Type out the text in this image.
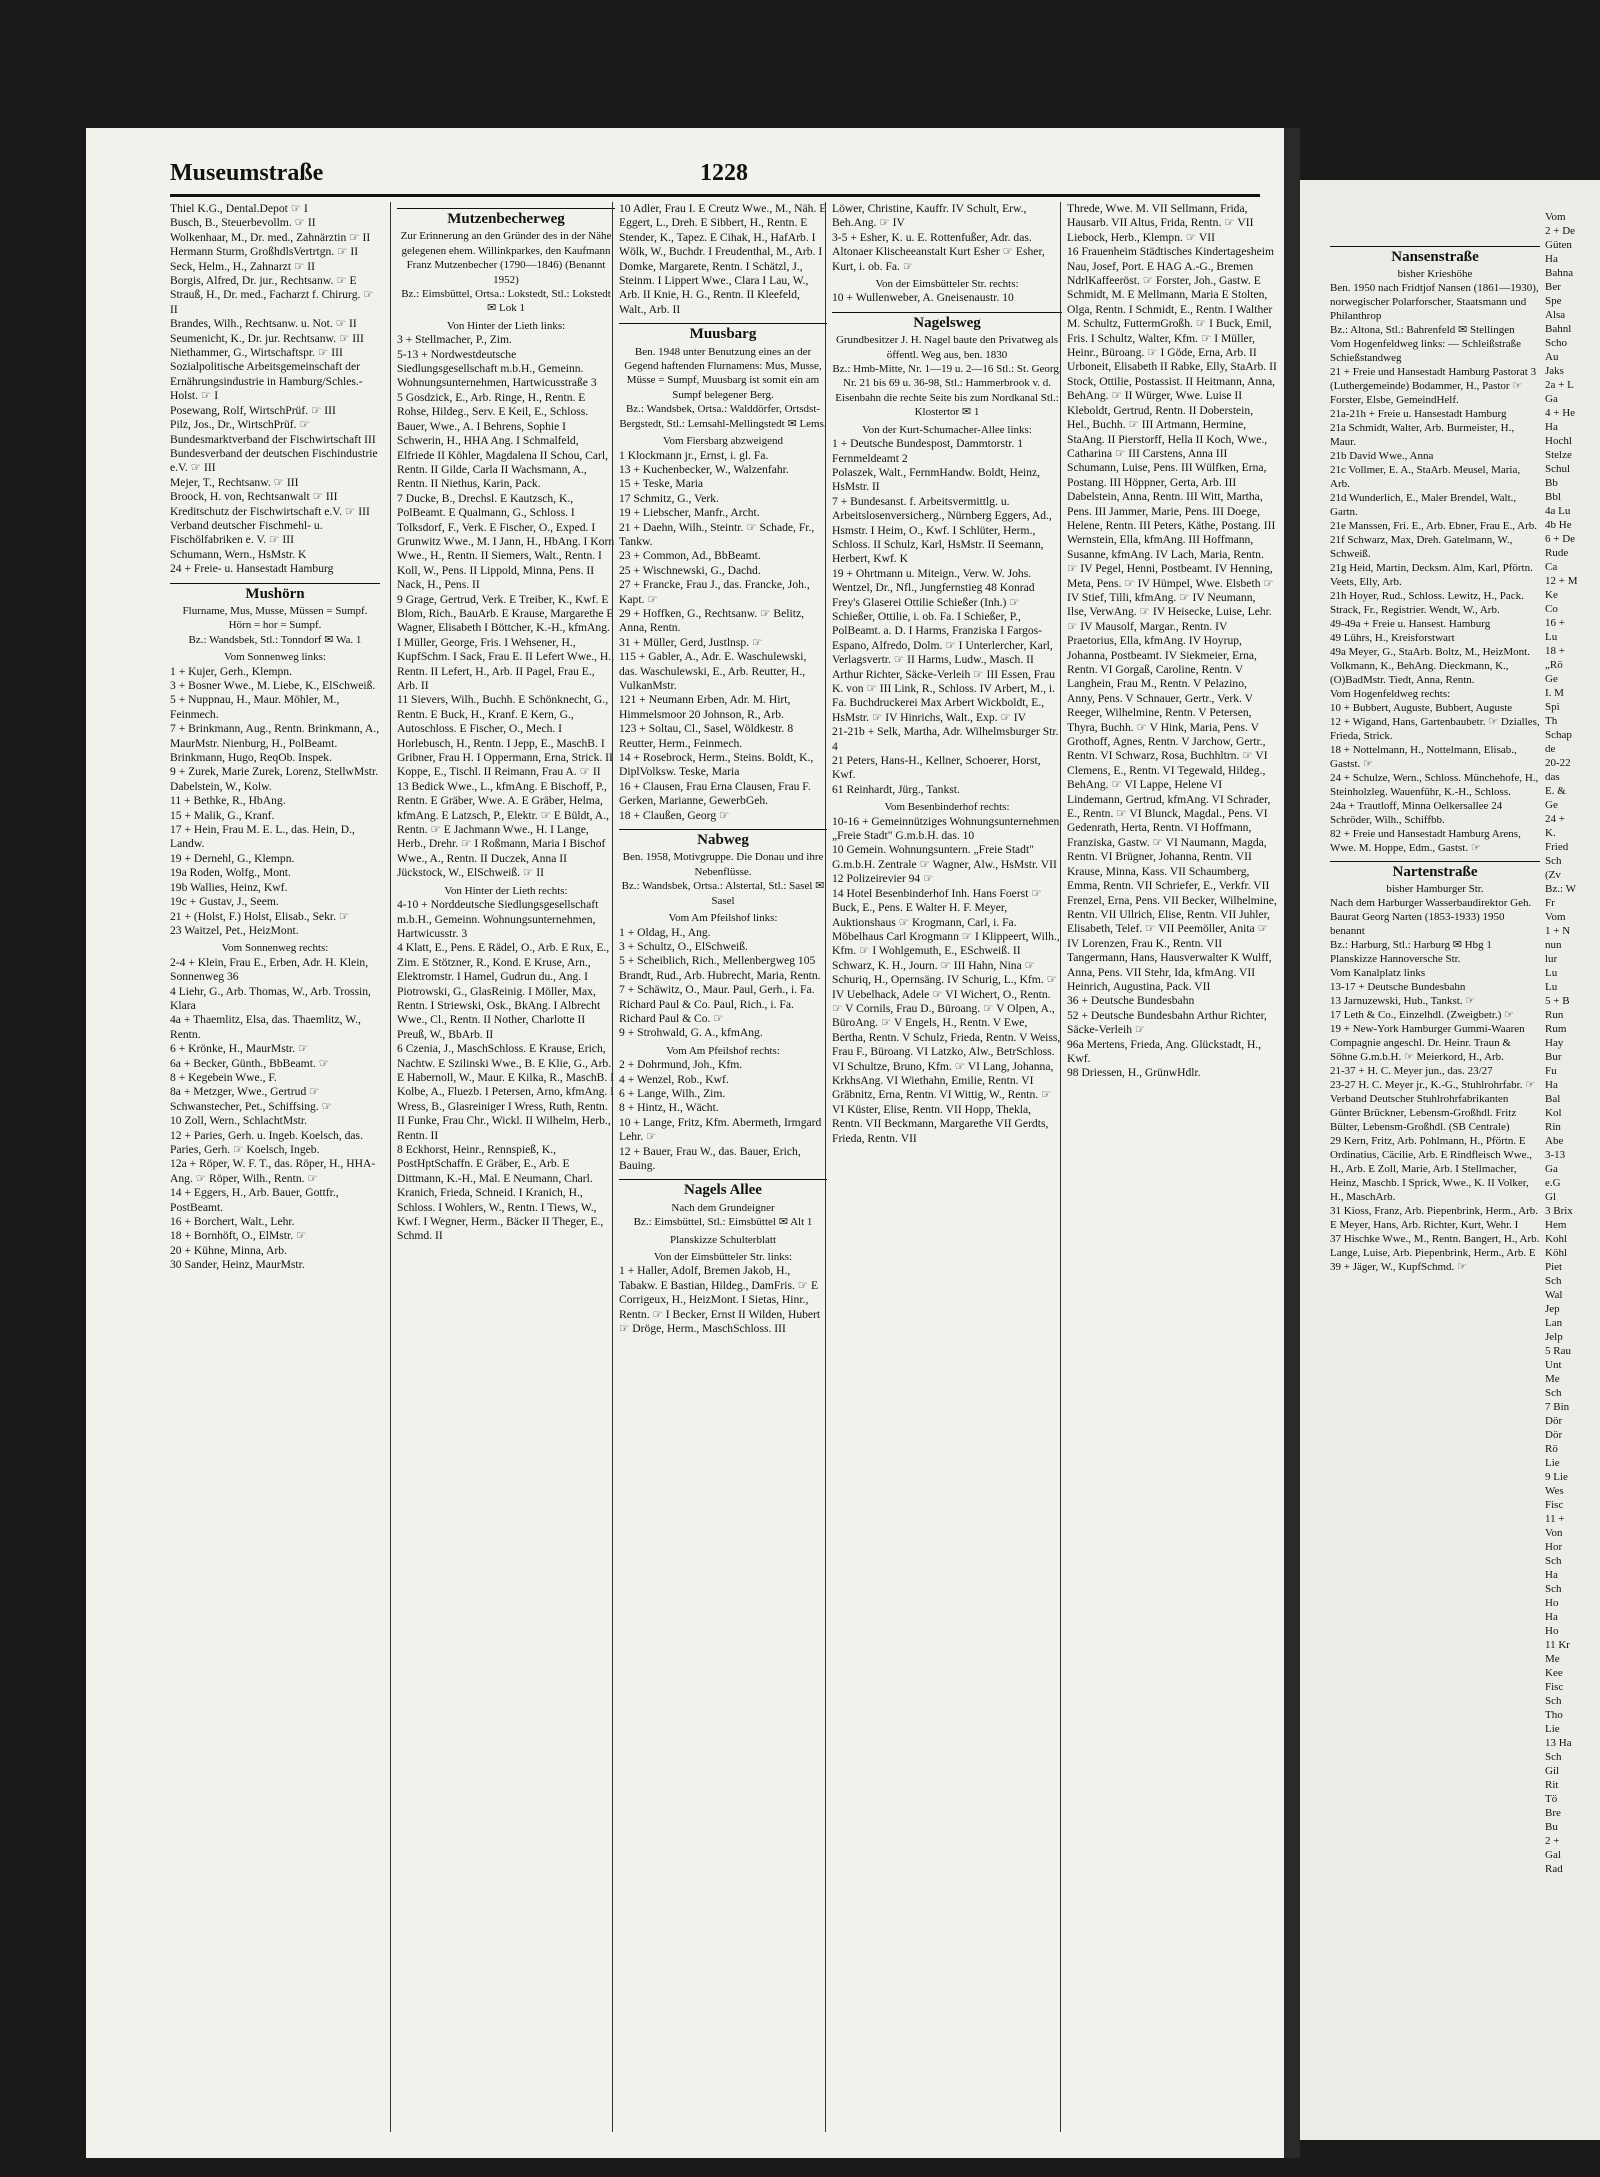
Museumstraße	1228

Thiel K.G., Dental.Depot ☞ I

Busch, B., Steuerbevollm. ☞ II

Wolkenhaar, M., Dr. med., Zahnärztin ☞ II

Hermann Sturm, GroßhdlsVertrtgn. ☞ II

Seck, Helm., H., Zahnarzt ☞ II

Borgis, Alfred, Dr. jur., Rechtsanw. ☞ E

Strauß, H., Dr. med., Facharzt f. Chirurg. ☞ II

Brandes, Wilh., Rechtsanw. u. Not. ☞ II

Seumenicht, K., Dr. jur. Rechtsanw. ☞ III

Niethammer, G., Wirtschaftspr. ☞ III

Sozialpolitische Arbeitsgemeinschaft der Ernährungsindustrie in Hamburg/Schles.-Holst. ☞ I

Posewang, Rolf, WirtschPrüf. ☞ III

Pilz, Jos., Dr., WirtschPrüf. ☞

Bundesmarktverband der Fischwirtschaft III

Bundesverband der deutschen Fischindustrie e.V. ☞ III

Mejer, T., Rechtsanw. ☞ III

Broock, H. von, Rechtsanwalt ☞ III

Kreditschutz der Fischwirtschaft e.V. ☞ III

Verband deutscher Fischmehl- u. Fischölfabriken e. V. ☞ III

Schumann, Wern., HsMstr. K

24 + Freie- u. Hansestadt Hamburg

Mushörn

Flurname, Mus, Musse, Müssen = Sumpf. Hörn = hor = Sumpf.

Bz.: Wandsbek, Stl.: Tonndorf ✉ Wa. 1

Vom Sonnenweg links:

1 + Kujer, Gerh., Klempn.

3 + Bosner Wwe., M. Liebe, K., ElSchweiß.

5 + Nuppnau, H., Maur. Möhler, M., Feinmech.

7 + Brinkmann, Aug., Rentn. Brinkmann, A., MaurMstr. Nienburg, H., PolBeamt. Brinkmann, Hugo, ReqOb. Inspek.

9 + Zurek, Marie Zurek, Lorenz, StellwMstr. Dabelstein, W., Kolw.

11 + Bethke, R., HbAng.

15 + Malik, G., Kranf.

17 + Hein, Frau M. E. L., das. Hein, D., Landw.

19 + Dernehl, G., Klempn.

19a Roden, Wolfg., Mont.

19b Wallies, Heinz, Kwf.

19c + Gustav, J., Seem.

21 + (Holst, F.) Holst, Elisab., Sekr. ☞

23 Waitzel, Pet., HeizMont.

Vom Sonnenweg rechts:

2-4 + Klein, Frau E., Erben, Adr. H. Klein, Sonnenweg 36

4 Liehr, G., Arb. Thomas, W., Arb. Trossin, Klara

4a + Thaemlitz, Elsa, das. Thaemlitz, W., Rentn.

6 + Krönke, H., MaurMstr. ☞

6a + Becker, Günth., BbBeamt. ☞

8 + Kegebein Wwe., F.

8a + Metzger, Wwe., Gertrud ☞ Schwanstecher, Pet., Schiffsing. ☞

10 Zoll, Wern., SchlachtMstr.

12 + Paries, Gerh. u. Ingeb. Koelsch, das. Paries, Gerh. ☞ Koelsch, Ingeb.

12a + Röper, W. F. T., das. Röper, H., HHA-Ang. ☞ Röper, Wilh., Rentn. ☞

14 + Eggers, H., Arb. Bauer, Gottfr., PostBeamt.

16 + Borchert, Walt., Lehr.

18 + Bornhöft, O., ElMstr. ☞

20 + Kühne, Minna, Arb.

30 Sander, Heinz, MaurMstr.

Mutzenbecherweg

Zur Erinnerung an den Gründer des in der Nähe gelegenen ehem. Willinkparkes, den Kaufmann Franz Mutzenbecher (1790—1846) (Benannt 1952)

Bz.: Eimsbüttel, Ortsa.: Lokstedt, Stl.: Lokstedt ✉ Lok 1

Von Hinter der Lieth links:

3 + Stellmacher, P., Zim.

5-13 + Nordwestdeutsche Siedlungsgesellschaft m.b.H., Gemeinn. Wohnungsunternehmen, Hartwicusstraße 3

5 Gosdzick, E., Arb. Ringe, H., Rentn. E Rohse, Hildeg., Serv. E Keil, E., Schloss. Bauer, Wwe., A. I Behrens, Sophie I Schwerin, H., HHA Ang. I Schmalfeld, Elfriede II Köhler, Magdalena II Schou, Carl, Rentn. II Gilde, Carla II Wachsmann, A., Rentn. II Niethus, Karin, Pack.

7 Ducke, B., Drechsl. E Kautzsch, K., PolBeamt. E Qualmann, G., Schloss. I Tolksdorf, F., Verk. E Fischer, O., Exped. I Grunwitz Wwe., M. I Jann, H., HbAng. I Korn Wwe., H., Rentn. II Siemers, Walt., Rentn. I Koll, W., Pens. II Lippold, Minna, Pens. II Nack, H., Pens. II

9 Grage, Gertrud, Verk. E Treiber, K., Kwf. E Blom, Rich., BauArb. E Krause, Margarethe E Wagner, Elisabeth I Böttcher, K.-H., kfmAng. I Müller, George, Fris. I Wehsener, H., KupfSchm. I Sack, Frau E. II Lefert Wwe., H., Rentn. II Lefert, H., Arb. II Pagel, Frau E., Arb. II

11 Sievers, Wilh., Buchh. E Schönknecht, G., Rentn. E Buck, H., Kranf. E Kern, G., Autoschloss. E Fischer, O., Mech. I Horlebusch, H., Rentn. I Jepp, E., MaschB. I Gribner, Frau H. I Oppermann, Erna, Strick. II Koppe, E., Tischl. II Reimann, Frau A. ☞ II

13 Bedick Wwe., L., kfmAng. E Bischoff, P., Rentn. E Gräber, Wwe. A. E Gräber, Helma, kfmAng. E Latzsch, P., Elektr. ☞ E Büldt, A., Rentn. ☞ E Jachmann Wwe., H. I Lange, Herb., Drehr. ☞ I Roßmann, Maria I Bischof Wwe., A., Rentn. II Duczek, Anna II Jückstock, W., ElSchweiß. ☞ II

Von Hinter der Lieth rechts:

4-10 + Norddeutsche Siedlungsgesellschaft m.b.H., Gemeinn. Wohnungsunternehmen, Hartwicusstr. 3

4 Klatt, E., Pens. E Rädel, O., Arb. E Rux, E., Zim. E Stötzner, R., Kond. E Kruse, Arn., Elektromstr. I Hamel, Gudrun du., Ang. I Piotrowski, G., GlasReinig. I Möller, Max, Rentn. I Striewski, Osk., BkAng. I Albrecht Wwe., Cl., Rentn. II Nother, Charlotte II Preuß, W., BbArb. II

6 Czenia, J., MaschSchloss. E Krause, Erich, Nachtw. E Szilinski Wwe., B. E Klie, G., Arb. E Habernoll, W., Maur. E Kilka, R., MaschB. I Kolbe, A., Fluezb. I Petersen, Arno, kfmAng. I Wress, B., Glasreiniger I Wress, Ruth, Rentn. II Funke, Frau Chr., Wickl. II Wilhelm, Herb., Rentn. II

8 Eckhorst, Heinr., Rennspieß, K., PostHptSchaffn. E Gräber, E., Arb. E Dittmann, K.-H., Mal. E Neumann, Charl. Kranich, Frieda, Schneid. I Kranich, H., Schloss. I Wohlers, W., Rentn. I Tiews, W., Kwf. I Wegner, Herm., Bäcker II Theger, E., Schmd. II

10 Adler, Frau I. E Creutz Wwe., M., Näh. E Eggert, L., Dreh. E Sibbert, H., Rentn. E Stender, K., Tapez. E Cihak, H., HafArb. I Wölk, W., Buchdr. I Freudenthal, M., Arb. I Domke, Margarete, Rentn. I Schätzl, J., Steinm. I Lippert Wwe., Clara I Lau, W., Arb. II Knie, H. G., Rentn. II Kleefeld, Walt., Arb. II

Muusbarg

Ben. 1948 unter Benutzung eines an der Gegend haftenden Flurnamens: Mus, Musse, Müsse = Sumpf, Muusbarg ist somit ein am Sumpf belegener Berg.

Bz.: Wandsbek, Ortsa.: Walddörfer, Ortsdst-Bergstedt, Stl.: Lemsahl-Mellingstedt ✉ Lems.

Vom Fiersbarg abzweigend

1 Klockmann jr., Ernst, i. gl. Fa.

13 + Kuchenbecker, W., Walzenfahr.

15 + Teske, Maria

17 Schmitz, G., Verk.

19 + Liebscher, Manfr., Archt.

21 + Daehn, Wilh., Steintr. ☞ Schade, Fr., Tankw.

23 + Common, Ad., BbBeamt.

25 + Wischnewski, G., Dachd.

27 + Francke, Frau J., das. Francke, Joh., Kapt. ☞

29 + Hoffken, G., Rechtsanw. ☞ Belitz, Anna, Rentn.

31 + Müller, Gerd, Justlnsp. ☞

115 + Gabler, A., Adr. E. Waschulewski, das. Waschulewski, E., Arb. Reutter, H., VulkanMstr.

121 + Neumann Erben, Adr. M. Hirt, Himmelsmoor 20 Johnson, R., Arb.

123 + Soltau, Cl., Sasel, Wöldkestr. 8 Reutter, Herm., Feinmech.

14 + Rosebrock, Herm., Steins. Boldt, K., DiplVolksw. Teske, Maria

16 + Clausen, Frau Erna Clausen, Frau F. Gerken, Marianne, GewerbGeh.

18 + Claußen, Georg ☞

Nabweg

Ben. 1958, Motivgruppe. Die Donau und ihre Nebenflüsse.

Bz.: Wandsbek, Ortsa.: Alstertal, Stl.: Sasel ✉ Sasel

Vom Am Pfeilshof links:

1 + Oldag, H., Ang.

3 + Schultz, O., ElSchweiß.

5 + Scheiblich, Rich., Mellenbergweg 105 Brandt, Rud., Arb. Hubrecht, Maria, Rentn.

7 + Schäwitz, O., Maur. Paul, Gerh., i. Fa. Richard Paul & Co. Paul, Rich., i. Fa. Richard Paul & Co. ☞

9 + Strohwald, G. A., kfmAng.

Vom Am Pfeilshof rechts:

2 + Dohrmund, Joh., Kfm.

4 + Wenzel, Rob., Kwf.

6 + Lange, Wilh., Zim.

8 + Hintz, H., Wächt.

10 + Lange, Fritz, Kfm. Abermeth, Irmgard Lehr. ☞

12 + Bauer, Frau W., das. Bauer, Erich, Bauing.

Nagels Allee

Nach dem Grundeigner

Bz.: Eimsbüttel, Stl.: Eimsbüttel ✉ Alt 1

Planskizze Schulterblatt

Von der Eimsbütteler Str. links:

1 + Haller, Adolf, Bremen Jakob, H., Tabakw. E Bastian, Hildeg., DamFris. ☞ E Corrigeux, H., HeizMont. I Sietas, Hinr., Rentn. ☞ I Becker, Ernst II Wilden, Hubert ☞ Dröge, Herm., MaschSchloss. III

Löwer, Christine, Kauffr. IV Schult, Erw., Beh.Ang. ☞ IV

3-5 + Esher, K. u. E. Rottenfußer, Adr. das. Altonaer Klischeeanstalt Kurt Esher ☞ Esher, Kurt, i. ob. Fa. ☞

Von der Eimsbütteler Str. rechts:

10 + Wullenweber, A. Gneisenaustr. 10

Nagelsweg

Grundbesitzer J. H. Nagel baute den Privatweg als öffentl. Weg aus, ben. 1830

Bz.: Hmb-Mitte, Nr. 1—19 u. 2—16 Stl.: St. Georg, Nr. 21 bis 69 u. 36-98, Stl.: Hammerbrook v. d. Eisenbahn die rechte Seite bis zum Nordkanal Stl.: Klostertor ✉ 1

Von der Kurt-Schumacher-Allee links:

1 + Deutsche Bundespost, Dammtorstr. 1 Fernmeldeamt 2

Polaszek, Walt., FernmHandw. Boldt, Heinz, HsMstr. II

7 + Bundesanst. f. Arbeitsvermittlg. u. Arbeitslosenversicherg., Nürnberg Eggers, Ad., Hsmstr. I Heim, O., Kwf. I Schlüter, Herm., Schloss. II Schulz, Karl, HsMstr. II Seemann, Herbert, Kwf. K

19 + Ohrtmann u. Miteign., Verw. W. Johs. Wentzel, Dr., Nfl., Jungfernstieg 48 Konrad Frey's Glaserei Ottilie Schießer (Inh.) ☞ Schießer, Ottilie, i. ob. Fa. I Schießer, P., PolBeamt. a. D. I Harms, Franziska I Fargos-Espano, Alfredo, Dolm. ☞ I Unterlercher, Karl, Verlagsvertr. ☞ II Harms, Ludw., Masch. II Arthur Richter, Säcke-Verleih ☞ III Essen, Frau K. von ☞ III Link, R., Schloss. IV Arbert, M., i. Fa. Buchdruckerei Max Arbert Wickboldt, E., HsMstr. ☞ IV Hinrichs, Walt., Exp. ☞ IV

21-21b + Selk, Martha, Adr. Wilhelmsburger Str. 4

21 Peters, Hans-H., Kellner, Schoerer, Horst, Kwf.

61 Reinhardt, Jürg., Tankst.

Vom Besenbinderhof rechts:

10-16 + Gemeinnütziges Wohnungsunternehmen „Freie Stadt" G.m.b.H. das. 10

10 Gemein. Wohnungsuntern. „Freie Stadt" G.m.b.H. Zentrale ☞ Wagner, Alw., HsMstr. VII

12 Polizeirevier 94 ☞

14 Hotel Besenbinderhof Inh. Hans Foerst ☞ Buck, E., Pens. E Walter H. F. Meyer, Auktionshaus ☞ Krogmann, Carl, i. Fa. Möbelhaus Carl Krogmann ☞ I Klippeert, Wilh., Kfm. ☞ I Wohlgemuth, E., ESchweiß. II Schwarz, K. H., Journ. ☞ III Hahn, Nina ☞ Schuriq, H., Opernsäng. IV Schurig, L., Kfm. ☞ IV Uebelhack, Adele ☞ VI Wichert, O., Rentn. ☞ V Cornils, Frau D., Büroang. ☞ V Olpen, A., BüroAng. ☞ V Engels, H., Rentn. V Ewe, Bertha, Rentn. V Schulz, Frieda, Rentn. V Weiss, Frau F., Büroang. VI Latzko, Alw., BetrSchloss. VI Schultze, Bruno, Kfm. ☞ VI Lang, Johanna, KrkhsAng. VI Wiethahn, Emilie, Rentn. VI Gräbnitz, Erna, Rentn. VI Wittig, W., Rentn. ☞ VI Küster, Elise, Rentn. VII Hopp, Thekla, Rentn. VII Beckmann, Margarethe VII Gerdts, Frieda, Rentn. VII

Threde, Wwe. M. VII Sellmann, Frida, Hausarb. VII Altus, Frida, Rentn. ☞ VII Liebock, Herb., Klempn. ☞ VII

16 Frauenheim Städtisches Kindertagesheim Nau, Josef, Port. E HAG A.-G., Bremen NdrlKaffeeröst. ☞ Forster, Joh., Gastw. E Schmidt, M. E Mellmann, Maria E Stolten, Olga, Rentn. I Schmidt, E., Rentn. I Walther M. Schultz, FuttermGroßh. ☞ I Buck, Emil, Fris. I Schultz, Walter, Kfm. ☞ I Müller, Heinr., Büroang. ☞ I Göde, Erna, Arb. II Urboneit, Elisabeth II Rabke, Elly, StaArb. II Stock, Ottilie, Postassist. II Heitmann, Anna, BehAng. ☞ II Würger, Wwe. Luise II Kleboldt, Gertrud, Rentn. II Doberstein, Hel., Buchh. ☞ III Artmann, Hermine, StaAng. II Pierstorff, Hella II Koch, Wwe., Catharina ☞ III Carstens, Anna III Schumann, Luise, Pens. III Wülfken, Erna, Postang. III Höppner, Gerta, Arb. III Dabelstein, Anna, Rentn. III Witt, Martha, Pens. III Jammer, Marie, Pens. III Doege, Helene, Rentn. III Peters, Käthe, Postang. III Wernstein, Ella, kfmAng. III Hoffmann, Susanne, kfmAng. IV Lach, Maria, Rentn. ☞ IV Pegel, Henni, Postbeamt. IV Henning, Meta, Pens. ☞ IV Hümpel, Wwe. Elsbeth ☞ IV Stief, Tilli, kfmAng. ☞ IV Neumann, Ilse, VerwAng. ☞ IV Heisecke, Luise, Lehr. ☞ IV Mausolf, Margar., Rentn. IV Praetorius, Ella, kfmAng. IV Hoyrup, Johanna, Postbeamt. IV Siekmeier, Erna, Rentn. VI Gorgaß, Caroline, Rentn. V Langhein, Frau M., Rentn. V Pelazino, Anny, Pens. V Schnauer, Gertr., Verk. V Reeger, Wilhelmine, Rentn. V Petersen, Thyra, Buchh. ☞ V Hink, Maria, Pens. V Grothoff, Agnes, Rentn. V Jarchow, Gertr., Rentn. VI Schwarz, Rosa, Buchhltrn. ☞ VI Clemens, E., Rentn. VI Tegewald, Hildeg., BehAng. ☞ VI Lappe, Helene VI Lindemann, Gertrud, kfmAng. VI Schrader, E., Rentn. ☞ VI Blunck, Magdal., Pens. VI Gedenrath, Herta, Rentn. VI Hoffmann, Franziska, Gastw. ☞ VI Naumann, Magda, Rentn. VI Brügner, Johanna, Rentn. VII Krause, Minna, Kass. VII Schaumberg, Emma, Rentn. VII Schriefer, E., Verkfr. VII Frenzel, Erna, Pens. VII Becker, Wilhelmine, Rentn. VII Ullrich, Elise, Rentn. VII Juhler, Elisabeth, Telef. ☞ VII Peemöller, Anita ☞ IV Lorenzen, Frau K., Rentn. VII Tangermann, Hans, Hausverwalter K Wulff, Anna, Pens. VII Stehr, Ida, kfmAng. VII Heinrich, Augustina, Pack. VII

36 + Deutsche Bundesbahn

52 + Deutsche Bundesbahn Arthur Richter, Säcke-Verleih ☞

96a Mertens, Frieda, Ang. Glückstadt, H., Kwf.

98 Driessen, H., GrünwHdlr.

Nansenstraße

bisher Krieshöhe

Ben. 1950 nach Fridtjof Nansen (1861—1930), norwegischer Polarforscher, Staatsmann und Philanthrop

Bz.: Altona, Stl.: Bahrenfeld ✉ Stellingen

Vom Hogenfeldweg links: — Schleißstraße Schießstandweg

21 + Freie und Hansestadt Hamburg Pastorat 3 (Luthergemeinde) Bodammer, H., Pastor ☞ Forster, Elsbe, GemeindHelf.

21a-21h + Freie u. Hansestadt Hamburg

21a Schmidt, Walter, Arb. Burmeister, H., Maur.

21b David Wwe., Anna

21c Vollmer, E. A., StaArb. Meusel, Maria, Arb.

21d Wunderlich, E., Maler Brendel, Walt., Gartn.

21e Manssen, Fri. E., Arb. Ebner, Frau E., Arb.

21f Schwarz, Max, Dreh. Gatelmann, W., Schweiß.

21g Heid, Martin, Decksm. Alm, Karl, Pförtn. Veets, Elly, Arb.

21h Hoyer, Rud., Schloss. Lewitz, H., Pack. Strack, Fr., Registrier. Wendt, W., Arb.

49-49a + Freie u. Hansest. Hamburg

49 Lührs, H., Kreisforstwart

49a Meyer, G., StaArb. Boltz, M., HeizMont. Volkmann, K., BehAng. Dieckmann, K., (O)BadMstr. Tiedt, Anna, Rentn.

Vom Hogenfeldweg rechts:

10 + Bubbert, Auguste, Bubbert, Auguste

12 + Wigand, Hans, Gartenbaubetr. ☞ Dzialles, Frieda, Strick.

18 + Nottelmann, H., Nottelmann, Elisab., Gastst. ☞

24 + Schulze, Wern., Schloss. Münchehofe, H., Steinholzleg. Wauenführ, K.-H., Schloss.

24a + Trautloff, Minna Oelkersallee 24 Schröder, Wilh., Schiffbb.

82 + Freie und Hansestadt Hamburg Arens, Wwe. M. Hoppe, Edm., Gastst. ☞

Nartenstraße

bisher Hamburger Str.

Nach dem Harburger Wasserbaudirektor Geh. Baurat Georg Narten (1853-1933) 1950 benannt

Bz.: Harburg, Stl.: Harburg ✉ Hbg 1

Planskizze Hannoversche Str.

Vom Kanalplatz links

13-17 + Deutsche Bundesbahn

13 Jarnuzewski, Hub., Tankst. ☞

17 Leth & Co., Einzelhdl. (Zweigbetr.) ☞

19 + New-York Hamburger Gummi-Waaren Compagnie angeschl. Dr. Heinr. Traun & Söhne G.m.b.H. ☞ Meierkord, H., Arb.

21-37 + H. C. Meyer jun., das. 23/27

23-27 H. C. Meyer jr., K.-G., Stuhlrohrfabr. ☞ Verband Deutscher Stuhlrohrfabrikanten Günter Brückner, Lebensm-Großhdl. Fritz Bülter, Lebensm-Großhdl. (SB Centrale)

29 Kern, Fritz, Arb. Pohlmann, H., Pförtn. E Ordinatius, Cäcilie, Arb. E Rindfleisch Wwe., H., Arb. E Zoll, Marie, Arb. I Stellmacher, Heinz, Maschb. I Sprick, Wwe., K. II Volker, H., MaschArb.

31 Kioss, Franz, Arb. Piepenbrink, Herm., Arb. E Meyer, Hans, Arb. Richter, Kurt, Wehr. I

37 Hischke Wwe., M., Rentn. Bangert, H., Arb. Lange, Luise, Arb. Piepenbrink, Herm., Arb. E

39 + Jäger, W., KupfSchmd. ☞

Vom

2 + De

Güten

Ha

Bahna

Ber

Spe

Alsa

Bahnl

Scho

Au

Jaks

2a + L

Ga

4 + He

Ha

Hochl

Stelze

Schul

Bb

Bbl

4a Lu

4b He

6 + De

Rude

Ca

12 + M

Ke

Co

16 +

Lu

18 +

„Rö

Ge

I. M

Spi

Th

Schap

de

20-22

das

E. &

Ge

24 +

K.

Fried

Sch

(Zv

Bz.: W

Fr

Vom

1 + N

nun

lur

Lu

Lu

5 + B

Run

Rum

Hay

Bur

Fu

Ha

Bal

Kol

Rin

Abe

3-13

Ga

e.G

Gl

3 Brix

Hem

Kohl

Köhl

Piet

Sch

Wal

Jep

Lan

Jelp

5 Rau

Unt

Me

Sch

7 Bin

Dör

Dör

Rö

Lie

9 Lie

Wes

Fisc

11 +

Von

Hor

Sch

Ha

Sch

Ho

Ha

Ho

11 Kr

Me

Kee

Fisc

Sch

Tho

Lie

13 Ha

Sch

Gil

Rit

Tö

Bre

Bu

2 +

Gal

Rad
